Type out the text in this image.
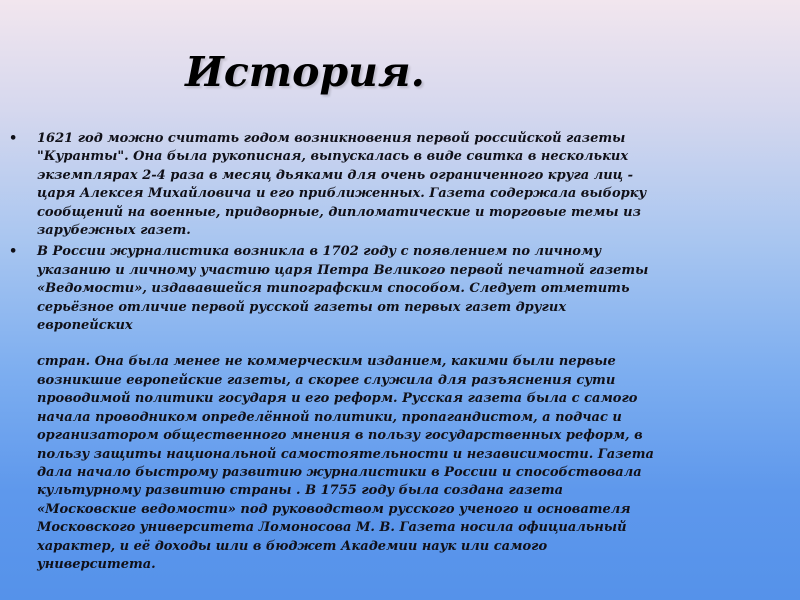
История.
• 1621 год можно считать годом возникновения первой российской газеты "Куранты". Она была рукописная, выпускалась в виде свитка в нескольких экземплярах 2-4 раза в месяц дьяками для очень ограниченного круга лиц - царя Алексея Михайловича и его приближенных. Газета содержала выборку сообщений на военные, придворные, дипломатические и торговые темы из зарубежных газет.
• В России журналистика возникла в 1702 году с появлением по личному указанию и личному участию царя Петра Великого первой печатной газеты «Ведомости», издававшейся типографским способом. Следует отметить серьёзное отличие первой русской газеты от первых газет других европейских
стран. Она была менее не коммерческим изданием, какими были первые возникшие европейские газеты, а скорее служила для разъяснения сути проводимой политики государя и его реформ. Русская газета была с самого начала проводником определённой политики, пропагандистом, а подчас и организатором общественного мнения в пользу государственных реформ, в пользу защиты национальной самостоятельности и независимости. Газета дала начало быстрому развитию журналистики в России и способствовала культурному развитию страны . В 1755 году была создана газета «Московские ведомости» под руководством русского ученого и основателя Московского университета Ломоносова М. В. Газета носила официальный характер, и её доходы шли в бюджет Академии наук или самого университета.
